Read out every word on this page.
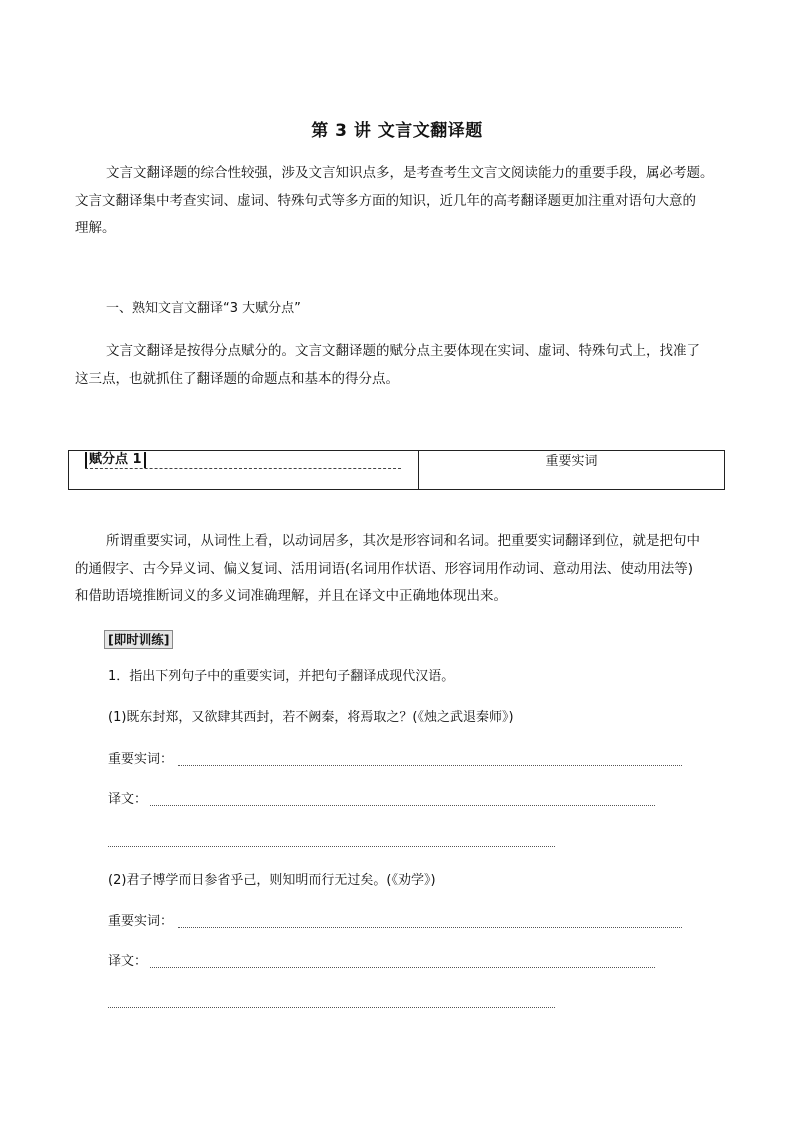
第 3 讲 文言文翻译题
文言文翻译题的综合性较强，涉及文言知识点多，是考查考生文言文阅读能力的重要手段，属必考题。
文言文翻译集中考查实词、虚词、特殊句式等多方面的知识，近几年的高考翻译题更加注重对语句大意的
理解。
一、熟知文言文翻译“3 大赋分点”
文言文翻译是按得分点赋分的。文言文翻译题的赋分点主要体现在实词、虚词、特殊句式上，找准了
这三点，也就抓住了翻译题的命题点和基本的得分点。
赋分点 1	重要实词
所谓重要实词，从词性上看，以动词居多，其次是形容词和名词。把重要实词翻译到位，就是把句中
的通假字、古今异义词、偏义复词、活用词语(名词用作状语、形容词用作动词、意动用法、使动用法等)
和借助语境推断词义的多义词准确理解，并且在译文中正确地体现出来。
[即时训练]
1．指出下列句子中的重要实词，并把句子翻译成现代汉语。
(1)既东封郑，又欲肆其西封，若不阙秦，将焉取之？(《烛之武退秦师》)
重要实词：
译文：
(2)君子博学而日参省乎己，则知明而行无过矣。(《劝学》)
重要实词：
译文：
